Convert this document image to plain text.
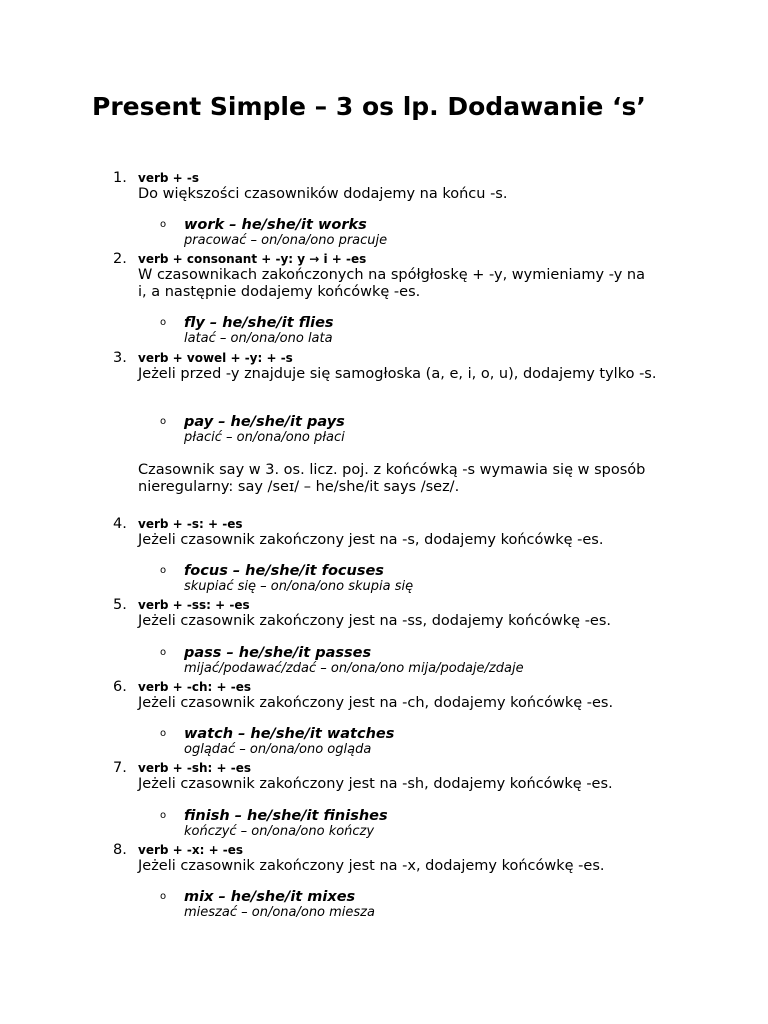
Present Simple – 3 os lp. Dodawanie ‘s’
1. verb + -s
Do większości czasowników dodajemy na końcu -s.
o work – he/she/it works
pracować – on/ona/ono pracuje
2. verb + consonant + -y: y → i + -es
W czasownikach zakończonych na spółgłoskę + -y, wymieniamy -y na i, a następnie dodajemy końcówkę -es.
o fly – he/she/it flies
latać – on/ona/ono lata
3. verb + vowel + -y: + -s
Jeżeli przed -y znajduje się samogłoska (a, e, i, o, u), dodajemy tylko -s.
o pay – he/she/it pays
płacić – on/ona/ono płaci
Czasownik say w 3. os. licz. poj. z końcówką -s wymawia się w sposób nieregularny: say /seɪ/ – he/she/it says /sez/.
4. verb + -s: + -es
Jeżeli czasownik zakończony jest na -s, dodajemy końcówkę -es.
o focus – he/she/it focuses
skupiać się – on/ona/ono skupia się
5. verb + -ss: + -es
Jeżeli czasownik zakończony jest na -ss, dodajemy końcówkę -es.
o pass – he/she/it passes
mijać/podawać/zdać – on/ona/ono mija/podaje/zdaje
6. verb + -ch: + -es
Jeżeli czasownik zakończony jest na -ch, dodajemy końcówkę -es.
o watch – he/she/it watches
oglądać – on/ona/ono ogląda
7. verb + -sh: + -es
Jeżeli czasownik zakończony jest na -sh, dodajemy końcówkę -es.
o finish – he/she/it finishes
kończyć – on/ona/ono kończy
8. verb + -x: + -es
Jeżeli czasownik zakończony jest na -x, dodajemy końcówkę -es.
o mix – he/she/it mixes
mieszać – on/ona/ono miesza
